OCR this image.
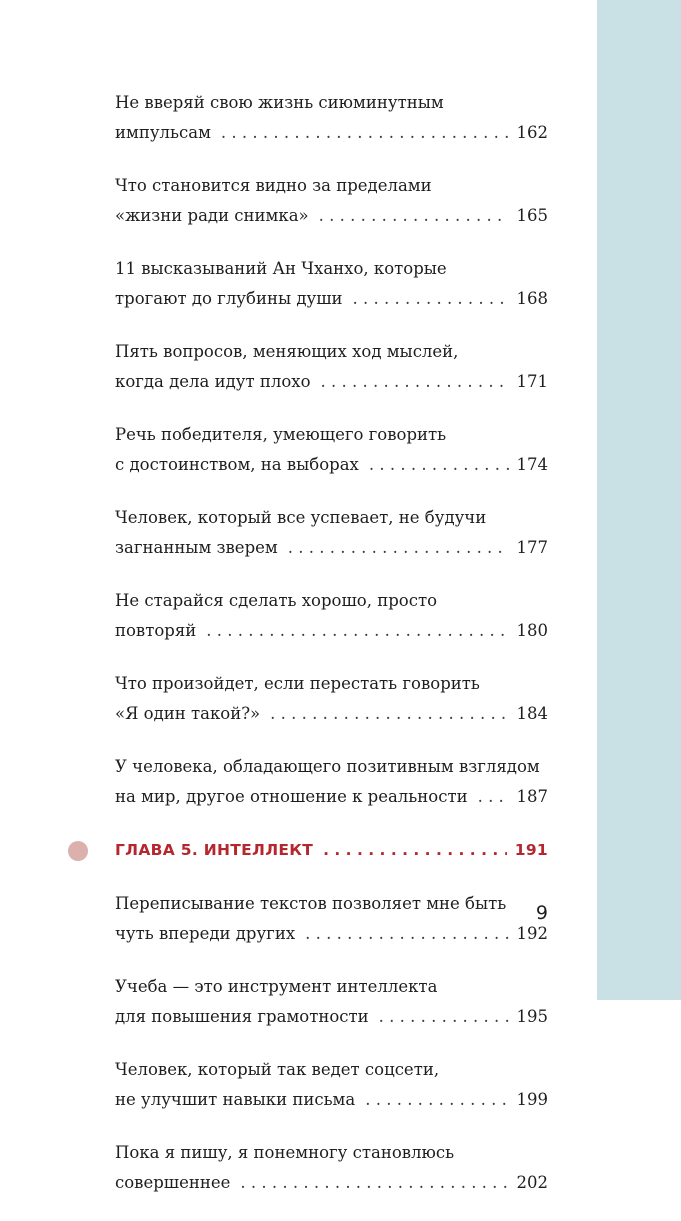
Не вверяй свою жизнь сиюминутным
импульсам . . .	162
Что становится видно за пределами
«жизни ради снимка» . . .	165
11 высказываний Ан Чханхо, которые
трогают до глубины души . . .	168
Пять вопросов, меняющих ход мыслей,
когда дела идут плохо . . .	171
Речь победителя, умеющего говорить
с достоинством, на выборах . . .	174
Человек, который все успевает, не будучи
загнанным зверем . . .	177
Не старайся сделать хорошо, просто
повторяй . . .	180
Что произойдет, если перестать говорить
«Я один такой?» . . .	184
У человека, обладающего позитивным взглядом
на мир, другое отношение к реальности . . .	187
ГЛАВА 5. ИНТЕЛЛЕКТ . . .	191
Переписывание текстов позволяет мне быть
чуть впереди других . . .	192
Учеба — это инструмент интеллекта
для повышения грамотности . . .	195
Человек, который так ведет соцсети,
не улучшит навыки письма . . .	199
Пока я пишу, я понемногу становлюсь
совершеннее . . .	202
9
